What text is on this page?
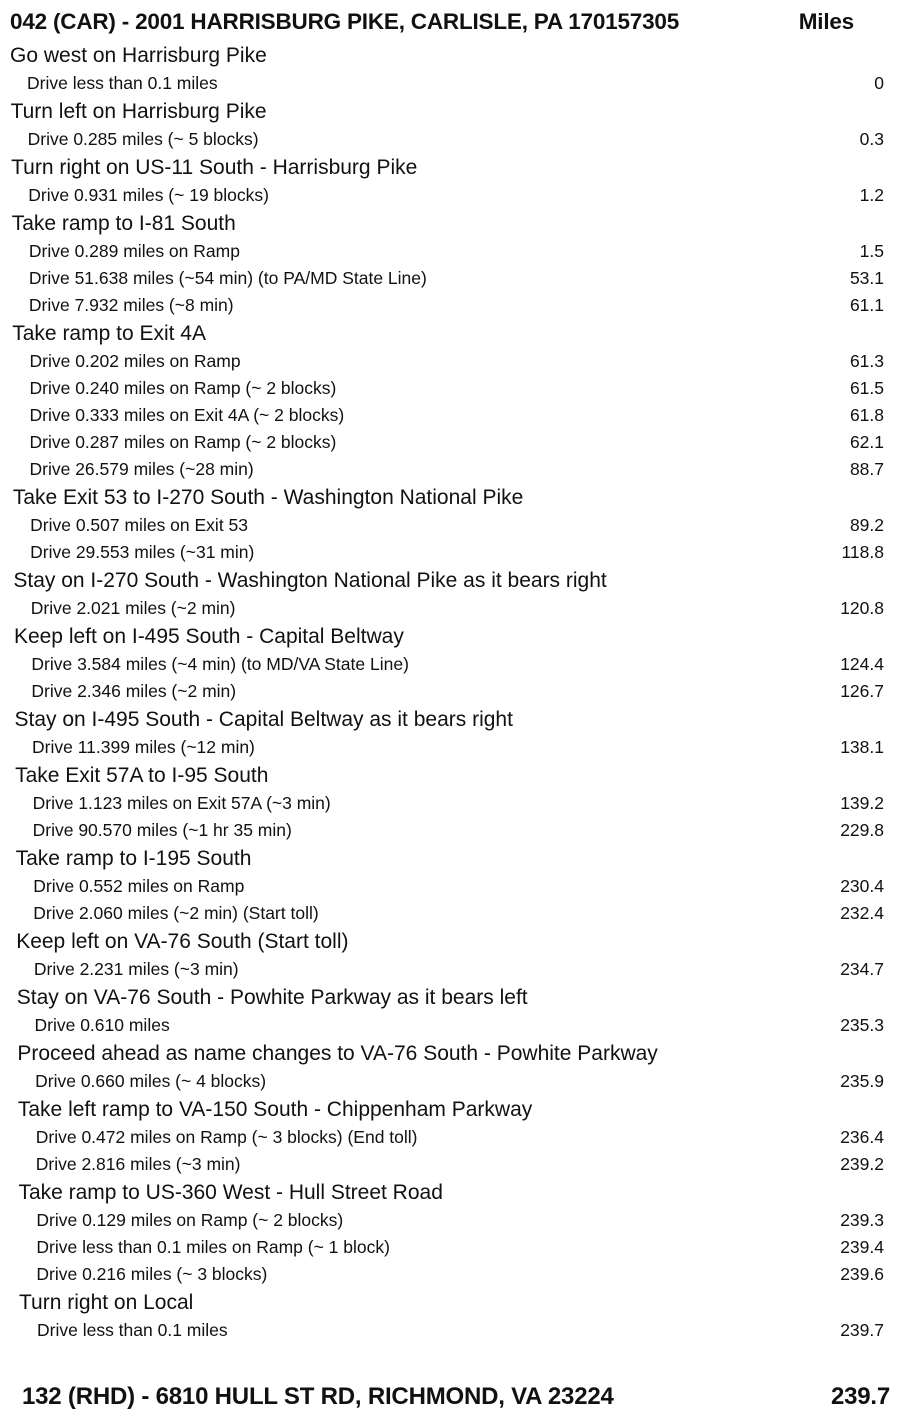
042 (CAR) - 2001 HARRISBURG PIKE, CARLISLE, PA 170157305	Miles
Go west on Harrisburg Pike
Drive less than 0.1 miles	0
Turn left on Harrisburg Pike
Drive 0.285 miles (~ 5 blocks)	0.3
Turn right on US-11 South - Harrisburg Pike
Drive 0.931 miles (~ 19 blocks)	1.2
Take ramp to I-81 South
Drive 0.289 miles on Ramp	1.5
Drive 51.638 miles (~54 min) (to PA/MD State Line)	53.1
Drive 7.932 miles (~8 min)	61.1
Take ramp to Exit 4A
Drive 0.202 miles on Ramp	61.3
Drive 0.240 miles on Ramp (~ 2 blocks)	61.5
Drive 0.333 miles on Exit 4A (~ 2 blocks)	61.8
Drive 0.287 miles on Ramp (~ 2 blocks)	62.1
Drive 26.579 miles (~28 min)	88.7
Take Exit 53 to I-270 South - Washington National Pike
Drive 0.507 miles on Exit 53	89.2
Drive 29.553 miles (~31 min)	118.8
Stay on I-270 South - Washington National Pike as it bears right
Drive 2.021 miles (~2 min)	120.8
Keep left on I-495 South - Capital Beltway
Drive 3.584 miles (~4 min) (to MD/VA State Line)	124.4
Drive 2.346 miles (~2 min)	126.7
Stay on I-495 South - Capital Beltway as it bears right
Drive 11.399 miles (~12 min)	138.1
Take Exit 57A to I-95 South
Drive 1.123 miles on Exit 57A (~3 min)	139.2
Drive 90.570 miles (~1 hr 35 min)	229.8
Take ramp to I-195 South
Drive 0.552 miles on Ramp	230.4
Drive 2.060 miles (~2 min) (Start toll)	232.4
Keep left on VA-76 South (Start toll)
Drive 2.231 miles (~3 min)	234.7
Stay on VA-76 South - Powhite Parkway as it bears left
Drive 0.610 miles	235.3
Proceed ahead as name changes to VA-76 South - Powhite Parkway
Drive 0.660 miles (~ 4 blocks)	235.9
Take left ramp to VA-150 South - Chippenham Parkway
Drive 0.472 miles on Ramp (~ 3 blocks) (End toll)	236.4
Drive 2.816 miles (~3 min)	239.2
Take ramp to US-360 West - Hull Street Road
Drive 0.129 miles on Ramp (~ 2 blocks)	239.3
Drive less than 0.1 miles on Ramp (~ 1 block)	239.4
Drive 0.216 miles (~ 3 blocks)	239.6
Turn right on Local
Drive less than 0.1 miles	239.7
132 (RHD) - 6810 HULL ST RD, RICHMOND, VA 23224	239.7
